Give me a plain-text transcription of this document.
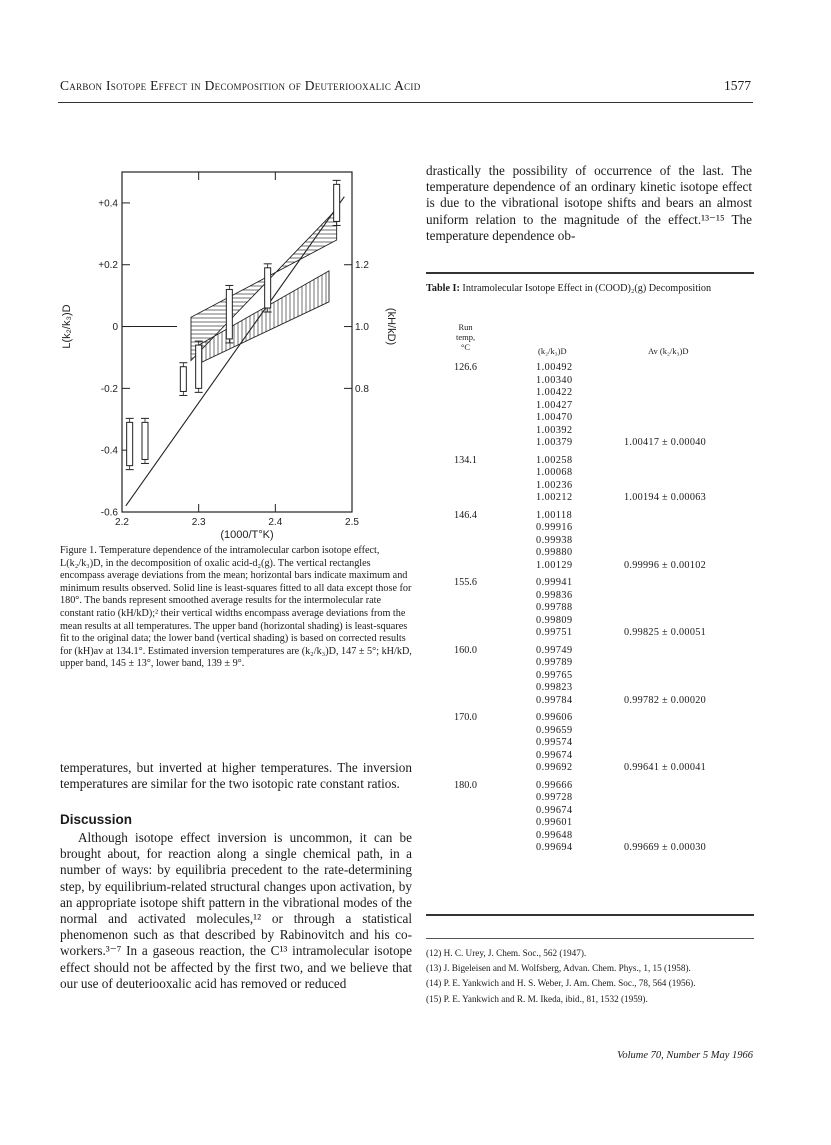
Carbon Isotope Effect in Decomposition of Deuteriooxalic Acid	1577
+0.4
+0.2
0
-0.2
-0.4
-0.6
1.2
1.0
0.8
2.2	2.3	2.4	2.5
(1000/T°K)
L(k₂/k₃)D	(kH/kD)
Figure 1. Temperature dependence of the intramolecular carbon isotope effect, L(k₂/k₃)D, in the decomposition of oxalic acid-d₂(g). The vertical rectangles encompass average deviations from the mean; horizontal bars indicate maximum and minimum results observed. Solid line is least-squares fitted to all data except those for 180°. The bands represent smoothed average results for the intermolecular rate constant ratio (kH/kD);² their vertical widths encompass average deviations from the mean results at all temperatures. The upper band (horizontal shading) is least-squares fit to the original data; the lower band (vertical shading) is based on corrected results for (kH)av at 134.1°. Estimated inversion temperatures are (k₂/k₃)D, 147 ± 5°; kH/kD, upper band, 145 ± 13°, lower band, 139 ± 9°.
temperatures, but inverted at higher temperatures. The inversion temperatures are similar for the two isotopic rate constant ratios.
Discussion
Although isotope effect inversion is uncommon, it can be brought about, for reaction along a single chemical path, in a number of ways: by equilibria precedent to the rate-determining step, by equilibrium-related structural changes upon activation, by an appropriate isotope shift pattern in the vibrational modes of the normal and activated molecules,¹² or through a statistical phenomenon such as that described by Rabinovitch and his co-workers.³⁻⁷ In a gaseous reaction, the C¹³ intramolecular isotope effect should not be affected by the first two, and we believe that our use of deuteriooxalic acid has removed or reduced
drastically the possibility of occurrence of the last. The temperature dependence of an ordinary kinetic isotope effect is due to the vibrational isotope shifts and bears an almost uniform relation to the magnitude of the effect.¹³⁻¹⁵ The temperature dependence ob-
Table I: Intramolecular Isotope Effect in (COOD)₂(g) Decomposition
Run
temp,
°C	(k₂/k₃)D	Av (k₂/k₃)D
126.6	1.00492
1.00340
1.00422
1.00427
1.00470
1.00392
1.00379	1.00417 ± 0.00040
134.1	1.00258
1.00068
1.00236
1.00212	1.00194 ± 0.00063
146.4	1.00118
0.99916
0.99938
0.99880
1.00129	0.99996 ± 0.00102
155.6	0.99941
0.99836
0.99788
0.99809
0.99751	0.99825 ± 0.00051
160.0	0.99749
0.99789
0.99765
0.99823
0.99784	0.99782 ± 0.00020
170.0	0.99606
0.99659
0.99574
0.99674
0.99692	0.99641 ± 0.00041
180.0	0.99666
0.99728
0.99674
0.99601
0.99648
0.99694	0.99669 ± 0.00030
(12) H. C. Urey, J. Chem. Soc., 562 (1947).
(13) J. Bigeleisen and M. Wolfsberg, Advan. Chem. Phys., 1, 15 (1958).
(14) P. E. Yankwich and H. S. Weber, J. Am. Chem. Soc., 78, 564 (1956).
(15) P. E. Yankwich and R. M. Ikeda, ibid., 81, 1532 (1959).
Volume 70, Number 5 May 1966
